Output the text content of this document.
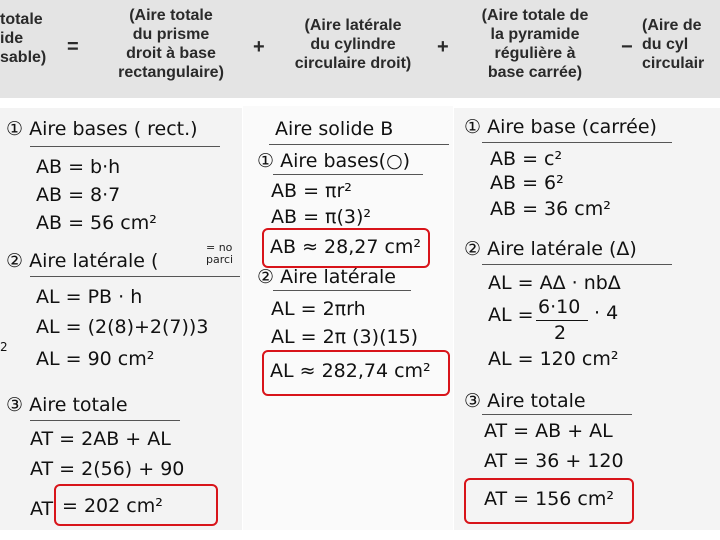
totale
ide
sable)	=
(Aire totale
du prisme
droit à base
rectangulaire)
+
(Aire latérale
du cylindre
circulaire droit)
+
(Aire totale de
la pyramide
régulière à
base carrée)
−
(Aire de
du cyl
circulair
① Aire bases ( rect.)
AB = b·h
AB = 8·7
AB = 56 cm²
② Aire latérale (
= no
parci
AL = PB · h
AL = (2(8)+2(7))3
2
AL = 90 cm²
③ Aire totale
AT = 2AB + AL
AT = 2(56) + 90
AT = 202 cm²
Aire solide B
① Aire bases(○)
AB = πr²
AB = π(3)²
② Aire latérale
AL = 2πrh
AL = 2π (3)(15)
AB ≈ 28,27 cm²
AL ≈ 282,74 cm²
① Aire base (carrée)
AB = c²
AB = 6²
AB = 36 cm²
② Aire latérale (Δ)
AL = AΔ · nbΔ
AL = 6·10
2
· 4
AL = 120 cm²
③ Aire totale
AT = AB + AL
AT = 36 + 120
AT = 156 cm²
